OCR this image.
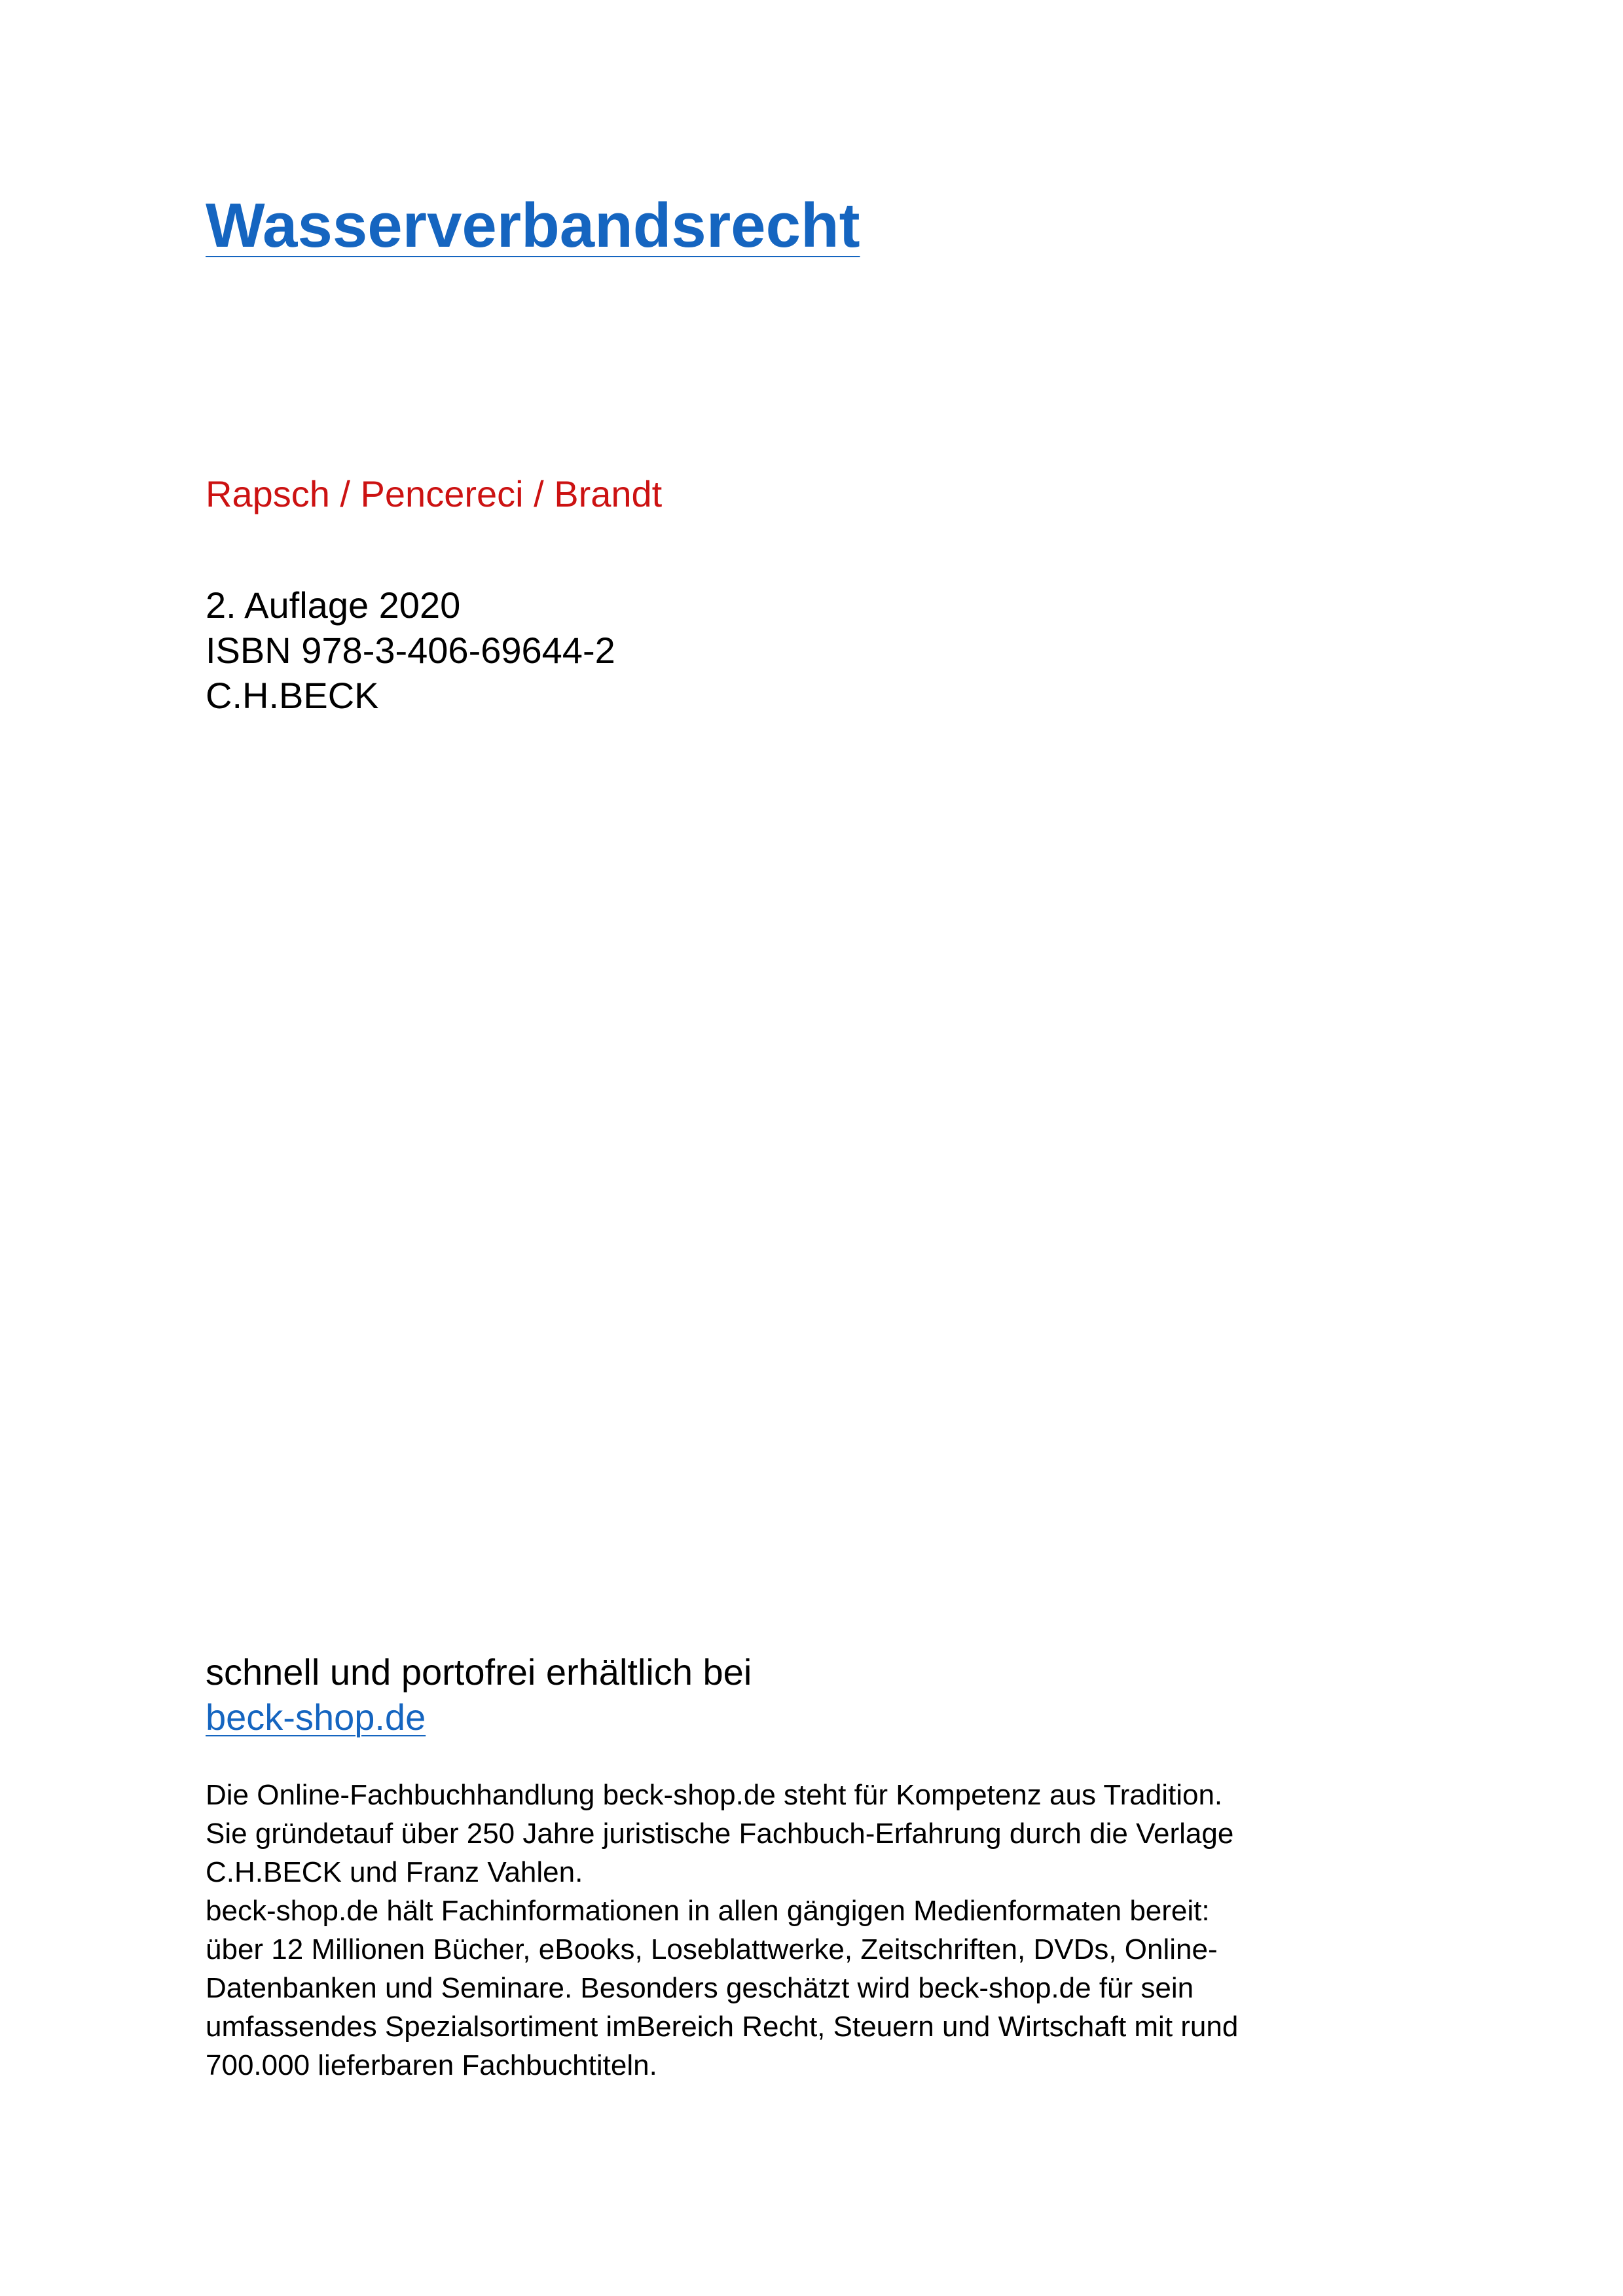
Wasserverbandsrecht
Rapsch / Pencereci / Brandt
2. Auflage 2020
ISBN 978-3-406-69644-2
C.H.BECK
schnell und portofrei erhältlich bei
beck-shop.de
Die Online-Fachbuchhandlung beck-shop.de steht für Kompetenz aus Tradition.
Sie gründetauf über 250 Jahre juristische Fachbuch-Erfahrung durch die Verlage
C.H.BECK und Franz Vahlen.
beck-shop.de hält Fachinformationen in allen gängigen Medienformaten bereit:
über 12 Millionen Bücher, eBooks, Loseblattwerke, Zeitschriften, DVDs, Online-
Datenbanken und Seminare. Besonders geschätzt wird beck-shop.de für sein
umfassendes Spezialsortiment imBereich Recht, Steuern und Wirtschaft mit rund
700.000 lieferbaren Fachbuchtiteln.
